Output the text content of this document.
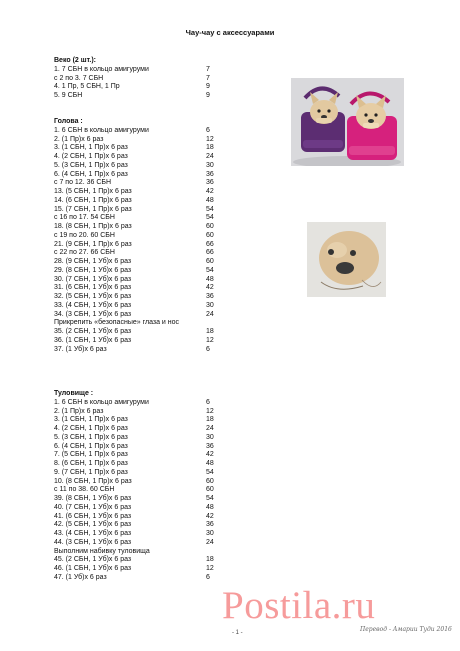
Чау-чау с аксессуарами
Веко (2 шт.):
1. 7 СБН в кольцо амигуруми	7
с 2 по 3. 7 СБН	7
4. 1 Пр, 5 СБН, 1 Пр	9
5. 9 СБН	9
Голова :
1. 6 СБН в кольцо амигуруми	6
2. (1 Пр)х 6 раз	12
3. (1 СБН, 1 Пр)х 6 раз	18
4. (2 СБН, 1 Пр)х 6 раз	24
5. (3 СБН, 1 Пр)х 6 раз	30
6. (4 СБН, 1 Пр)х 6 раз	36
с 7 по 12. 36 СБН	36
13. (5 СБН, 1 Пр)х 6 раз	42
14. (6 СБН, 1 Пр)х 6 раз	48
15. (7 СБН, 1 Пр)х 6 раз	54
с 16 по 17. 54 СБН	54
18. (8 СБН, 1 Пр)х 6 раз	60
с 19 по 20. 60 СБН	60
21. (9 СБН, 1 Пр)х 6 раз	66
с 22 по 27. 66 СБН	66
28. (9 СБН, 1 Уб)х 6 раз	60
29. (8 СБН, 1 Уб)х 6 раз	54
30. (7 СБН, 1 Уб)х 6 раз	48
31. (6 СБН, 1 Уб)х 6 раз	42
32. (5 СБН, 1 Уб)х 6 раз	36
33. (4 СБН, 1 Уб)х 6 раз	30
34. (3 СБН, 1 Уб)х 6 раз	24
Прикрепить «безопасные» глаза и нос
35. (2 СБН, 1 Уб)х 6 раз	18
36. (1 СБН, 1 Уб)х 6 раз	12
37. (1 Уб)х 6 раз	6
Туловище :
1. 6 СБН в кольцо амигуруми	6
2. (1 Пр)х 6 раз	12
3. (1 СБН, 1 Пр)х 6 раз	18
4. (2 СБН, 1 Пр)х 6 раз	24
5. (3 СБН, 1 Пр)х 6 раз	30
6. (4 СБН, 1 Пр)х 6 раз	36
7. (5 СБН, 1 Пр)х 6 раз	42
8. (6 СБН, 1 Пр)х 6 раз	48
9. (7 СБН, 1 Пр)х 6 раз	54
10. (8 СБН, 1 Пр)х 6 раз	60
с 11 по 38. 60 СБН	60
39. (8 СБН, 1 Уб)х 6 раз	54
40. (7 СБН, 1 Уб)х 6 раз	48
41. (6 СБН, 1 Уб)х 6 раз	42
42. (5 СБН, 1 Уб)х 6 раз	36
43. (4 СБН, 1 Уб)х 6 раз	30
44. (3 СБН, 1 Уб)х 6 раз	24
Выполним набивку туловища
45. (2 СБН, 1 Уб)х 6 раз	18
46. (1 СБН, 1 Уб)х 6 раз	12
47. (1 Уб)х 6 раз	6
Postila.ru
- 1 -	Перевод - Амарии Туди 2016
